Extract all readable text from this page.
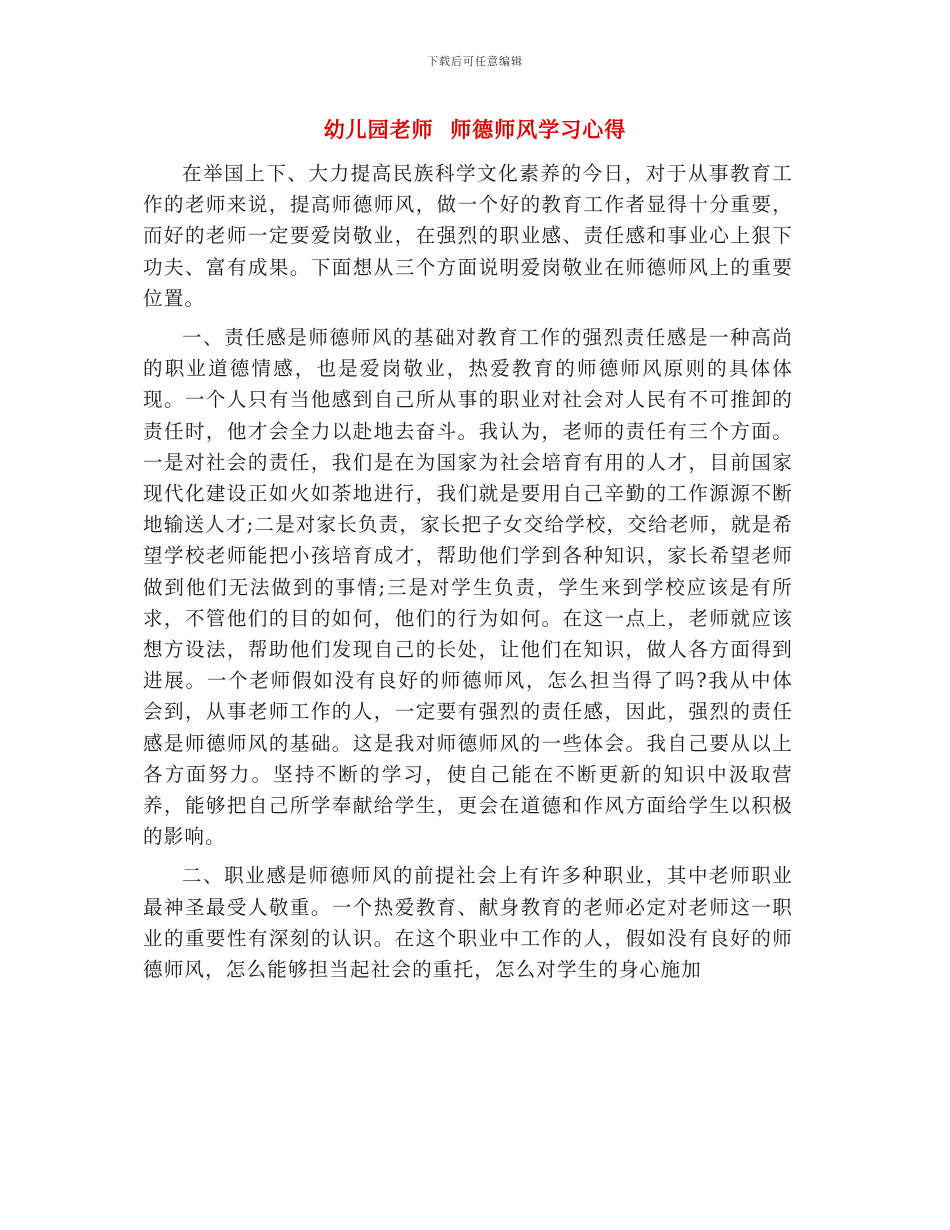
下载后可任意编辑
幼儿园老师  师德师风学习心得

在举国上下、大力提高民族科学文化素养的今日，对于从事教育工作的老师来说，提高师德师风，做一个好的教育工作者显得十分重要，而好的老师一定要爱岗敬业，在强烈的职业感、责任感和事业心上狠下功夫、富有成果。下面想从三个方面说明爱岗敬业在师德师风上的重要位置。

一、责任感是师德师风的基础对教育工作的强烈责任感是一种高尚的职业道德情感，也是爱岗敬业，热爱教育的师德师风原则的具体体现。一个人只有当他感到自己所从事的职业对社会对人民有不可推卸的责任时，他才会全力以赴地去奋斗。我认为，老师的责任有三个方面。一是对社会的责任，我们是在为国家为社会培育有用的人才，目前国家现代化建设正如火如荼地进行，我们就是要用自己辛勤的工作源源不断地输送人才;二是对家长负责，家长把子女交给学校，交给老师，就是希望学校老师能把小孩培育成才，帮助他们学到各种知识，家长希望老师做到他们无法做到的事情;三是对学生负责，学生来到学校应该是有所求，不管他们的目的如何，他们的行为如何。在这一点上，老师就应该想方设法，帮助他们发现自己的长处，让他们在知识，做人各方面得到进展。一个老师假如没有良好的师德师风，怎么担当得了吗?我从中体会到，从事老师工作的人，一定要有强烈的责任感，因此，强烈的责任感是师德师风的基础。这是我对师德师风的一些体会。我自己要从以上各方面努力。坚持不断的学习，使自己能在不断更新的知识中汲取营养，能够把自己所学奉献给学生，更会在道德和作风方面给学生以积极的影响。

二、职业感是师德师风的前提社会上有许多种职业，其中老师职业最神圣最受人敬重。一个热爱教育、献身教育的老师必定对老师这一职业的重要性有深刻的认识。在这个职业中工作的人，假如没有良好的师德师风，怎么能够担当起社会的重托，怎么对学生的身心施加
